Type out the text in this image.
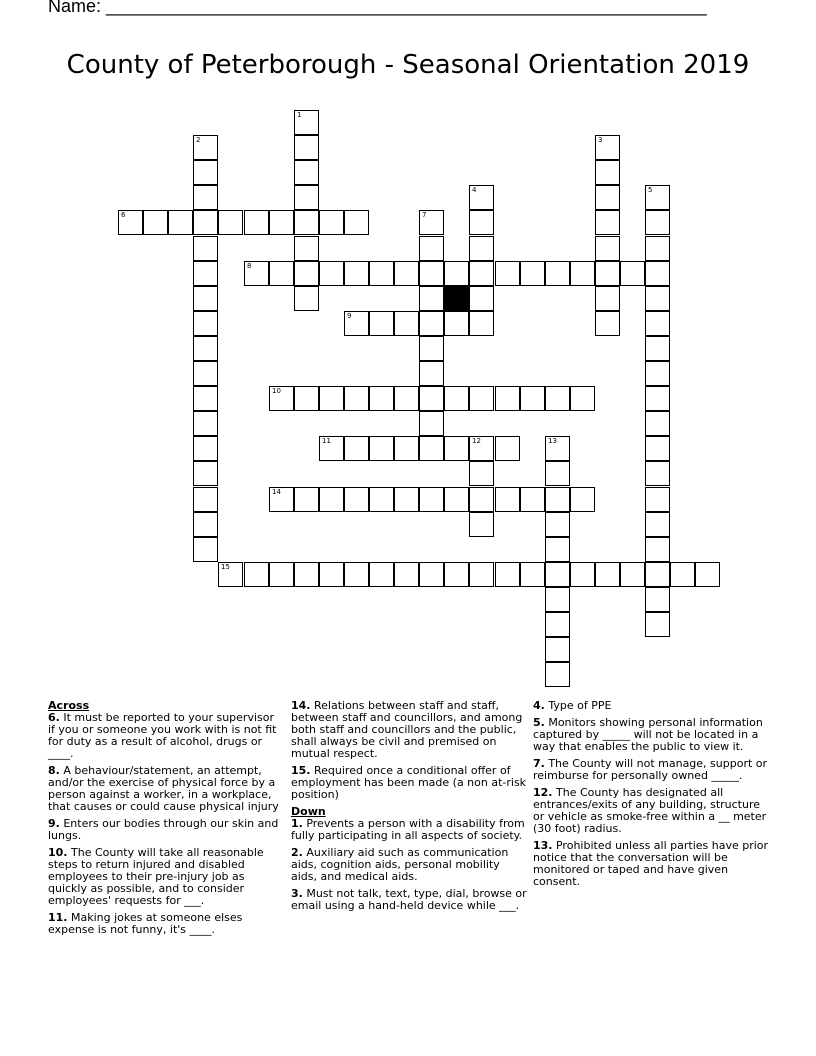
Name: ____________________________________________________________
County of Peterborough - Seasonal Orientation 2019
1
2	3
4	5
6	7
8
9
10
11	12	13
14
15
Across
6. It must be reported to your supervisor if you or someone you work with is not fit for duty as a result of alcohol, drugs or ____.
8. A behaviour/statement, an attempt, and/or the exercise of physical force by a person against a worker, in a workplace, that causes or could cause physical injury
9. Enters our bodies through our skin and lungs.
10. The County will take all reasonable steps to return injured and disabled employees to their pre-injury job as quickly as possible, and to consider employees' requests for ___.
11. Making jokes at someone elses expense is not funny, it's ____.
14. Relations between staff and staff, between staff and councillors, and among both staff and councillors and the public, shall always be civil and premised on mutual respect.
15. Required once a conditional offer of employment has been made (a non at-risk position)
Down
1. Prevents a person with a disability from fully participating in all aspects of society.
2. Auxiliary aid such as communication aids, cognition aids, personal mobility aids, and medical aids.
3. Must not talk, text, type, dial, browse or email using a hand-held device while ___.
4. Type of PPE
5. Monitors showing personal information captured by _____ will not be located in a way that enables the public to view it.
7. The County will not manage, support or reimburse for personally owned _____.
12. The County has designated all entrances/exits of any building, structure or vehicle as smoke-free within a __ meter (30 foot) radius.
13. Prohibited unless all parties have prior notice that the conversation will be monitored or taped and have given consent.
